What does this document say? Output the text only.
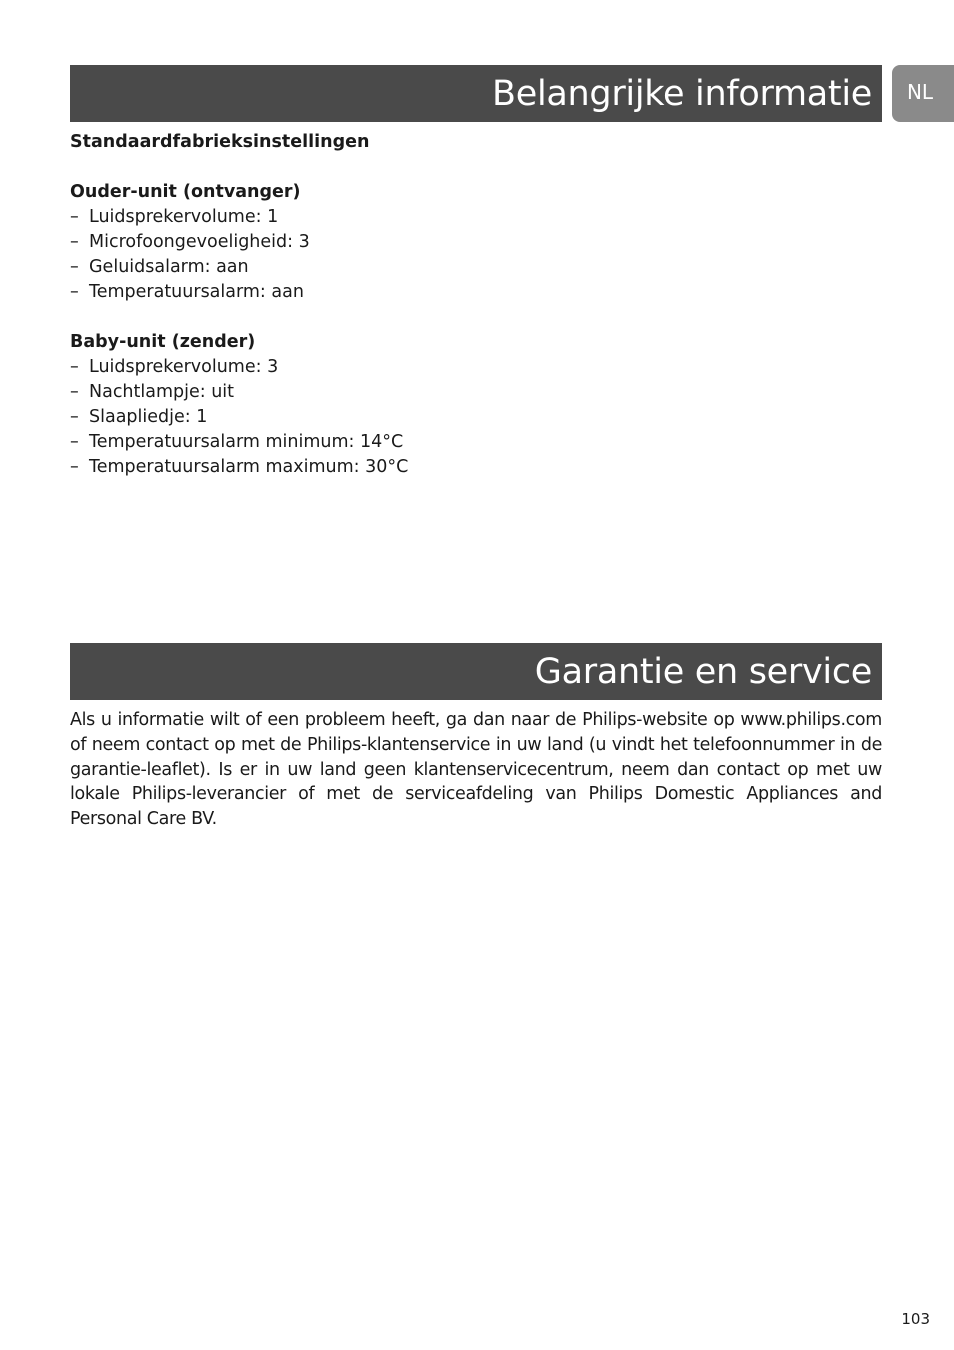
Belangrijke informatie	NL
Standaardfabrieksinstellingen
Ouder-unit (ontvanger)
– Luidsprekervolume: 1
– Microfoongevoeligheid: 3
– Geluidsalarm: aan
– Temperatuursalarm: aan
Baby-unit (zender)
– Luidsprekervolume: 3
– Nachtlampje: uit
– Slaapliedje: 1
– Temperatuursalarm minimum: 14°C
– Temperatuursalarm maximum: 30°C
Garantie en service

Als u informatie wilt of een probleem heeft, ga dan naar de Philips-website op www.philips.com of neem contact op met de Philips-klantenservice in uw land (u vindt het telefoonnummer in de garantie-leaflet). Is er in uw land geen klantenservicecentrum, neem dan contact op met uw lokale Philips-leverancier of met de serviceafdeling van Philips Domestic Appliances and Personal Care BV.

103
